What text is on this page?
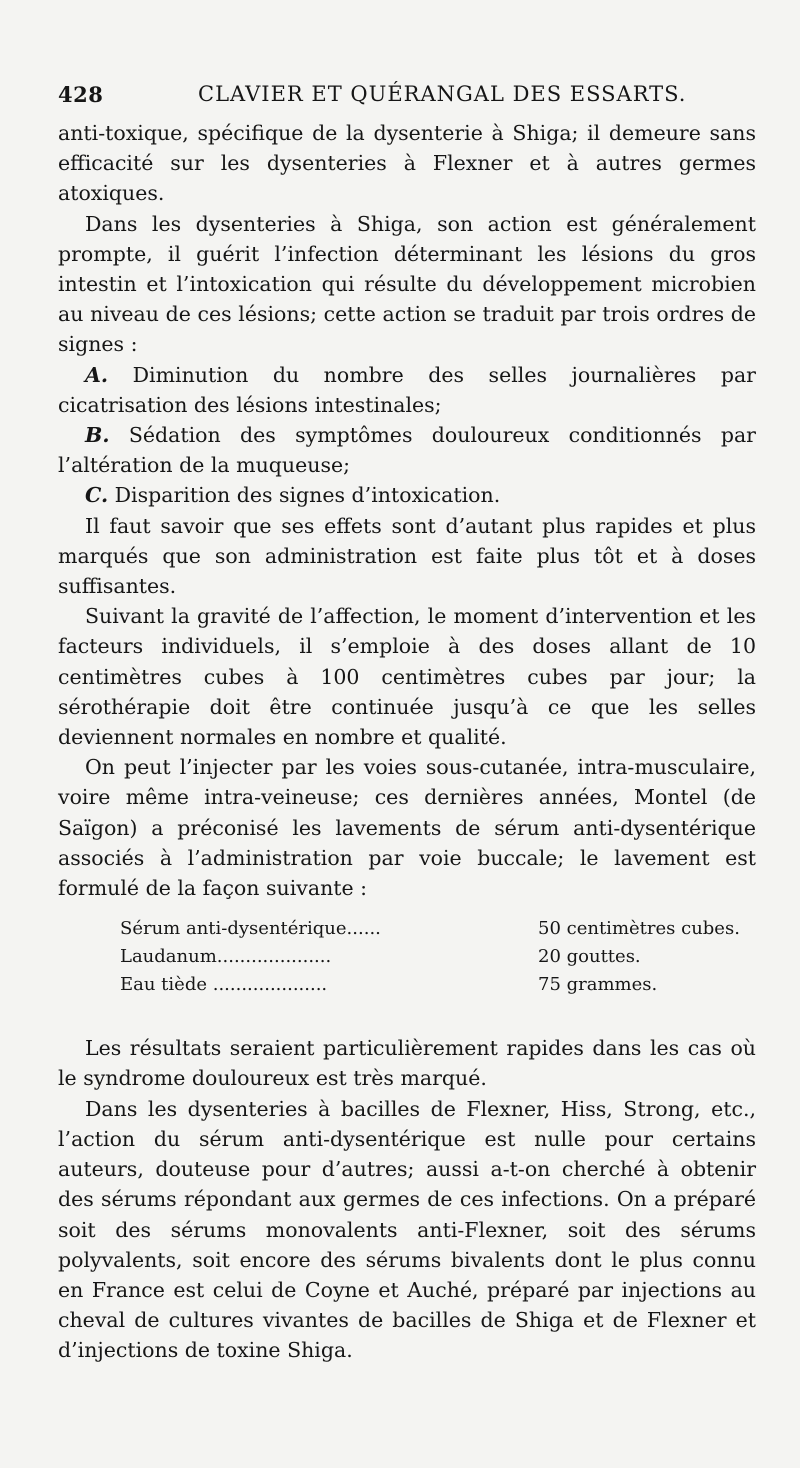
428	CLAVIER ET QUÉRANGAL DES ESSARTS.

anti-toxique, spécifique de la dysenterie à Shiga; il demeure sans efficacité sur les dysenteries à Flexner et à autres germes atoxiques.

Dans les dysenteries à Shiga, son action est généralement prompte, il guérit l’infection déterminant les lésions du gros intestin et l’intoxication qui résulte du développement microbien au niveau de ces lésions; cette action se traduit par trois ordres de signes :

A. Diminution du nombre des selles journalières par cicatrisation des lésions intestinales;

B. Sédation des symptômes douloureux conditionnés par l’altération de la muqueuse;

C. Disparition des signes d’intoxication.

Il faut savoir que ses effets sont d’autant plus rapides et plus marqués que son administration est faite plus tôt et à doses suffisantes.

Suivant la gravité de l’affection, le moment d’intervention et les facteurs individuels, il s’emploie à des doses allant de 10 centimètres cubes à 100 centimètres cubes par jour; la sérothérapie doit être continuée jusqu’à ce que les selles deviennent normales en nombre et qualité.

On peut l’injecter par les voies sous-cutanée, intra-musculaire, voire même intra-veineuse; ces dernières années, Montel (de Saïgon) a préconisé les lavements de sérum anti-dysentérique associés à l’administration par voie buccale; le lavement est formulé de la façon suivante :

Sérum anti-dysentérique......	50 centimètres cubes.
Laudanum....................	20 gouttes.
Eau tiède ....................	75 grammes.

Les résultats seraient particulièrement rapides dans les cas où le syndrome douloureux est très marqué.

Dans les dysenteries à bacilles de Flexner, Hiss, Strong, etc., l’action du sérum anti-dysentérique est nulle pour certains auteurs, douteuse pour d’autres; aussi a-t-on cherché à obtenir des sérums répondant aux germes de ces infections. On a préparé soit des sérums monovalents anti-Flexner, soit des sérums polyvalents, soit encore des sérums bivalents dont le plus connu en France est celui de Coyne et Auché, préparé par injections au cheval de cultures vivantes de bacilles de Shiga et de Flexner et d’injections de toxine Shiga.
